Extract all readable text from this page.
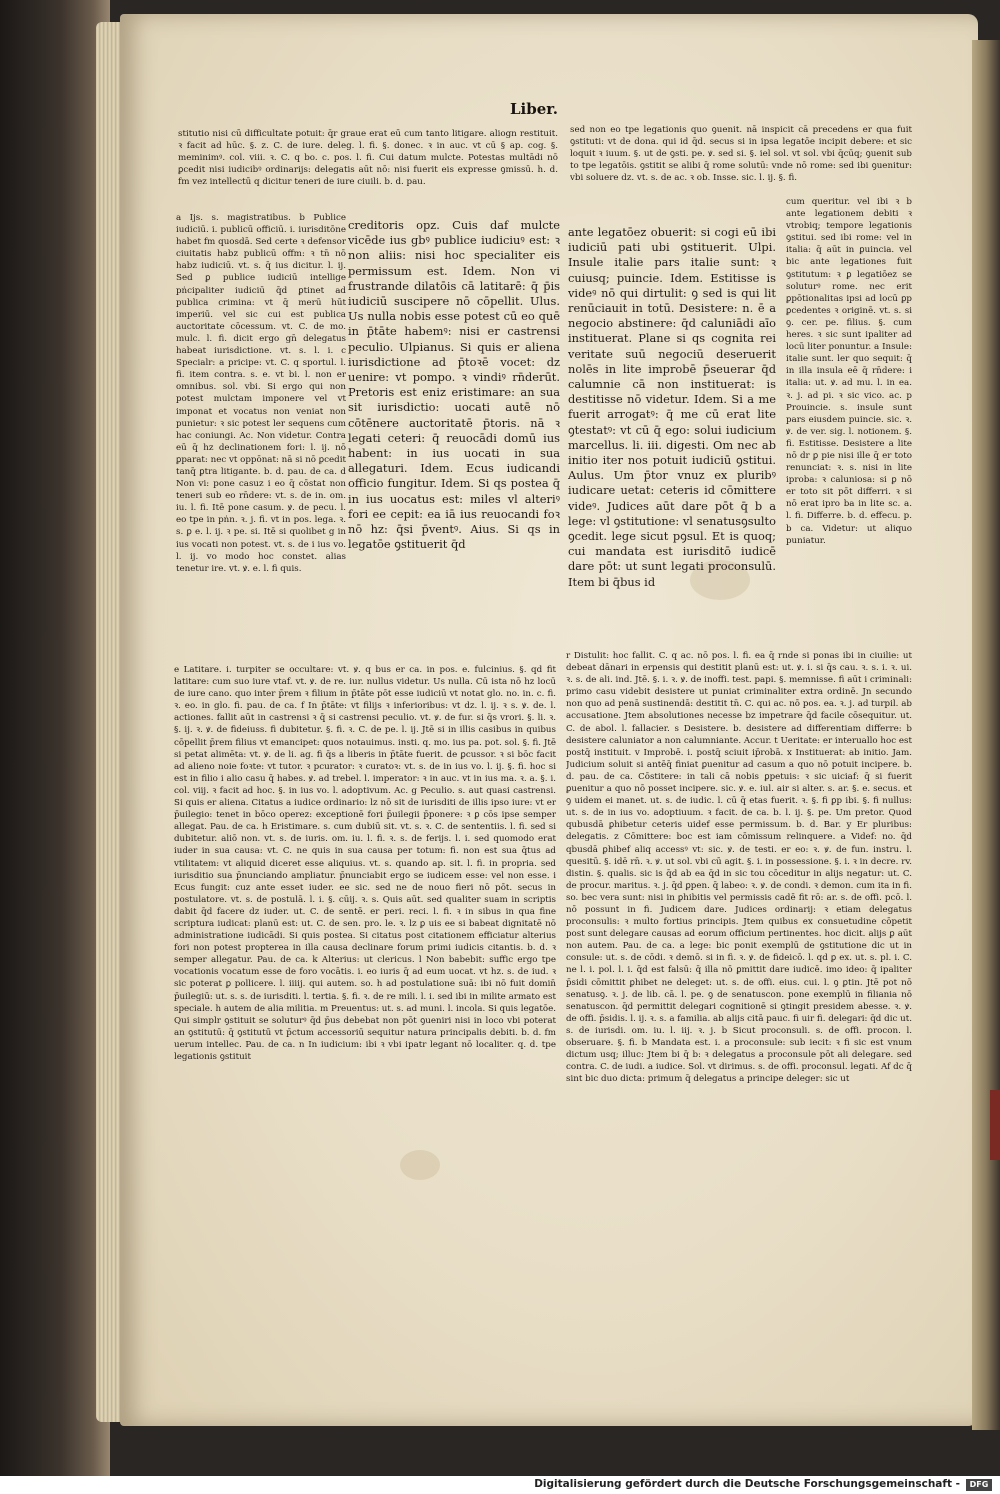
Liber.

stitutio nisi cū difficultate potuit: q̄r graue erat eū cum tanto litigare. aliogn restituit. ꝛ facit ad hūc. §. z. C. de iure. deleg. l. fi. §. donec. ꝛ in auc. vt cū § ap. cog. §. meminimꝰ. col. viii. ꝛ. C. q bo. c. pos. l. fi. Cui datum mulcte. Potestas multādi nō ꝑcedit nisi iudicibꝰ ordinarijs: delegatis aūt nō: nisi fuerit eis expresse ꝯmissū. h. d. fm vez intellectū q dicitur teneri de iure ciuili. b. d. pau.

sed non eo tpe legationis quo ꝯuenit. nā inspicit cā precedens er qua fuit ꝯstituti: vt de dona. qui id q̄d. secus si in ipsa legatōe incipit debere: et sic loquit ꝛ iuum. §. ut de ꝯsti. pe. ꝟ. sed si. §. iel sol. vt sol. vbi q̄cūq; ꝯuenit sub to tpe legatōis. ꝯstitit se alibi q̄ rome solutū: vnde nō rome: sed ibi ꝯuenitur: vbi soluere dz. vt. s. de ac. ꝛ ob. Insse. sic. l. ij. §. fi.

a Ijs. s. magistratibus. b Publice iudiciū. i. publicū officiū. i. iurisditōne habet fm quosdā. Sed certe ꝛ defensor ciuitatis habz publicū offm: ꝛ tn̄ nō habz iudiciū. vt. s. q̄ ius dicitur. l. ij. Sed ꝑ publice iudiciū intellige pṅcipaliter iudiciū q̄d ꝑtinet ad publica crimina: vt q̄ merū hūt imperiū. vel sic cui est publica auctoritate cōcessum. vt. C. de mo. mulc. l. fi. dicit ergo gn̄ delegatus habeat iurisdictione. vt. s. l. i. c Specialr: a pricipe: vt. C. q sportul. l. fi. item contra. s. e. vt bi. l. non er omnibus. sol. vbi. Si ergo qui non potest mulctam imponere vel vt imponat et vocatus non veniat non punietur: ꝛ sic potest ler sequens cum hac coniungi. Ac. Non videtur. Contra eū q̄ hz declinationem fori: l. ij. nō ꝑparat: nec vt oppōnat: nā si nō ꝑcedit tanq̄ ꝑtra litigante. b. d. pau. de ca. d Non vi: pone casuz i eo q̄ cōstat non teneri sub eo rn̄dere: vt. s. de in. om. iu. l. fi. Itē pone casum. ꝟ. de pecu. l. eo tpe in pṅn. ꝛ. j. fi. vt in pos. lega. ꝛ. s. ꝑ e. l. ij. ꝛ pe. si. Itē si quolibet g in ius vocati non potest. vt. s. de i ius vo. l. ij. vo modo hoc constet. alias tenetur ire. vt. ꝟ. e. l. fi quis.

creditoris opz. Cuis daf mulcte vicēde ius gbꝰ publice iudiciuꝰ est: ꝛ non aliis: nisi hoc specialiter eis permissum est. Idem. Non vi frustrande dilatōis cā latitarē: q̄ p̄is iudiciū suscipere nō cōpellit. Ulus. Us nulla nobis esse potest cū eo quē in p̄tāte habemꝰ: nisi er castrensi peculio. Ulpianus. Si quis er aliena iurisdictione ad p̄toꝛē vocet: dz uenire: vt pompo. ꝛ vindiꝰ rn̄derūt. Pretoris est eniz eristimare: an sua sit iurisdictio: uocati autē nō cōtēnere auctoritatē p̄toris. nā ꝛ legati ceteri: q̄ reuocādi domū ius habent: in ius uocati in sua allegaturi. Idem. Ecus iudicandi officio fungitur. Idem. Si qs postea q̄ in ius uocatus est: miles vl alteriꝰ fori ee cepit: ea iā ius reuocandi foꝛ nō hz: q̄si p̄ventꝰ. Aius. Si qs in legatōe ꝯstituerit q̄d

ante legatōez obuerit: si cogi eū ibi iudiciū pati ubi ꝯstituerit. Ulpi. Insule italie pars italie sunt: ꝛ cuiusq; puincie. Idem. Estitisse is videꝰ nō qui dirtulit: ꝯ sed is qui lit renūciauit in totū. Desistere: n. ē a negocio abstinere: q̄d caluniādi aīo instituerat. Plane si qs cognita rei veritate suū negociū deseruerit nolēs in lite improbē p̄seuerar q̄d calumnie cā non instituerat: is destitisse nō videtur. Idem. Si a me fuerit arrogatꝰ: q̄ me cū erat lite ꝯtestatꝰ: vt cū q̄ ego: solui iudicium marcellus. li. iii. digesti. Om nec ab initio iter nos potuit iudiciū ꝯstitui. Aulus. Um p̄tor vnuz ex pluribꝰ iudicare uetat: ceteris id cōmittere videꝰ. Judices aūt dare pōt q̄ b a lege: vl ꝯstitutione: vl senatusꝯsulto ꝯcedit. lege sicut pꝯsul. Et is quoq; cui mandata est iurisditō iudicē dare pōt: ut sunt legati proconsulū. Item bi q̄bus id

cum queritur. vel ibi ꝛ b ante legationem debiti ꝛ vtrobiq; tempore legationis ꝯstitui. sed ibi rome: vel in italia: q̄ aūt in ꝑuincia. vel bic ante legationes fuit ꝯstitutum: ꝛ ꝑ legatiōez se soluturꝰ rome. nec erit ꝑpōtionalitas ipsi ad locū ꝑp ꝑcedentes ꝛ originē. vt. s. si ꝯ. cer. pe. filius. §. cum heres. ꝛ sic sunt ipaliter ad locū liter ponuntur. a Insule: italie sunt. ler quo sequit: q̄ in illa insula eē q̄ rn̄dere: i italia: ut. ꝟ. ad mu. l. in ea. ꝛ. j. ad pi. ꝛ sic vico. ac. p Prouincie. s. insule sunt pars eiusdem puincie. sic. ꝛ. ꝟ. de ver. sig. l. notionem. §. fi. Estitisse. Desistere a lite nō dr ꝑ pie nisi ille q̄ er toto renunciat: ꝛ. s. nisi in lite iproba: ꝛ caluniosa: si ꝑ nō er toto sit pōt differri. ꝛ si nō erat ipro ba in lite sc. a. l. fi. Differre. b. d. effecu. p. b ca. Videtur: ut aliquo puniatur.

e Latitare. i. turpiter se occultare: vt. ꝟ. q bus er ca. in pos. e. fulcinius. §. qd fit latitare: cum suo iure vtaf. vt. ꝟ. de re. iur. nullus videtur. Us nulla. Cū ista nō hz locū de iure cano. quo inter p̄rem ꝛ filium in p̄tāte pōt esse iudiciū vt notat glo. no. in. c. fi. ꝛ. eo. in glo. fi. pau. de ca. f In p̄tāte: vt filijs ꝛ inferioribus: vt dz. l. ij. ꝛ s. ꝟ. de. l. actiones. fallit aūt in castrensi ꝛ q̄ si castrensi peculio. vt. ꝟ. de fur. si q̄s vrori. §. li. ꝛ. §. ij. ꝛ. ꝟ. de fideiuss. fi dubitetur. §. fi. ꝛ. C. de pe. l. ij. Jtē si in illis casibus in quibus cōpellit p̄rem filius vt emancipet: quos notauimus. insti. q. mo. ius pa. pot. sol. §. fi. Jtē si petat alimēta: vt. ꝟ. de li. ag. fi q̄s a liberis in p̄tāte fuerit. de ꝑcussor. ꝛ si bōc facit ad alieno noie foꝛte: vt tutor. ꝛ pcurator: ꝛ curatoꝛ: vt. s. de in ius vo. l. ij. §. fi. hoc si est in filio i alio casu q̄ habes. ꝟ. ad trebel. l. imperator: ꝛ in auc. vt in ius ma. ꝛ. a. §. i. col. viij. ꝛ facit ad hoc. §. in ius vo. l. adoptivum. Ac. g Peculio. s. aut quasi castrensi. Si quis er aliena. Citatus a iudice ordinario: lz nō sit de iurisditi de illis ipso iure: vt er p̄uilegio: tenet in bōco operez: exceptionē fori p̄uilegii p̄ponere: ꝛ ꝑ cōs ipse semper allegat. Pau. de ca. h Eristimare. s. cum dubiū sit. vt. s. ꝛ. C. de sententiis. l. fi. sed si dubitetur. aliō non. vt. s. de iuris. om. iu. l. fi. ꝛ. s. de ferijs. l. i. sed quomodo erat iuder in sua causa: vt. C. ne quis in sua causa per totum: fi. non est sua q̄tus ad vtilitatem: vt aliquid diceret esse aliquius. vt. s. quando ap. sit. l. fi. in propria. sed iurisditio sua p̄nunciando ampliatur. p̄nunciabit ergo se iudicem esse: vel non esse. i Ecus fungit: cuz ante esset iuder. ee sic. sed ne de nouo fieri nō pōt. secus in postulatore. vt. s. de postulā. l. i. §. cūij. ꝛ. s. Quis aūt. sed qualiter suam in scriptis dabit q̄d facere dz iuder. ut. C. de sentē. er peri. reci. l. fi. ꝛ in sibus in qua fine scriptura iudicat: planū est: ut. C. de sen. pro. le. ꝛ. lz ꝑ uis ee si babeat dignitatē nō administratione iudicādi. Si quis postea. Si citatus post citationem efficiatur alterius fori non potest propterea in illa causa declinare forum primi iudicis citantis. b. d. ꝛ semper allegatur. Pau. de ca. k Alterius: ut clericus. l Non babebit: suffic ergo tpe vocationis vocatum esse de foro vocātis. i. eo iuris q̄ ad eum uocat. vt hz. s. de iud. ꝛ sic poterat ꝑ pollicere. l. iiiij. qui autem. so. h ad postulatione suā: ibi nō fuit domin̄ p̄uilegiū: ut. s. s. de iurisditi. l. tertia. §. fi. ꝛ. de re mili. l. i. sed ibi in milite armato est speciale. h autem de alia militia. m Preuentus: ut. s. ad muni. l. incola. Si quis legatōe. Qui simplr ꝯstituit se soluturꝰ q̄d p̄us debebat non pōt ꝯueniri nisi in loco vbi poterat an ꝯstitutū: q̄ ꝯstitutū vt p̄ctum accessoriū sequitur natura principalis debiti. b. d. fm uerum intellec. Pau. de ca. n In iudicium: ibi ꝛ vbi ipatr legant nō localiter. q. d. tpe legationis ꝯstituit

r Distulit: hoc fallit. C. q ac. nō pos. l. fi. ea q̄ rnde si ponas ibi in ciuilie: ut debeat dānari in erpensis qui destitit planū est: ut. ꝟ. i. si q̄s cau. ꝛ. s. i. ꝛ. ui. ꝛ. s. de ali. ind. Jtē. §. i. ꝛ. ꝟ. de inoffi. test. papi. §. memnisse. fi aūt i criminali: primo casu videbit desistere ut puniat criminaliter extra ordinē. Jn secundo non quo ad penā sustinendā: destitit tn̄. C. qui ac. nō pos. ea. ꝛ. j. ad turpil. ab accusatione. Jtem absolutiones necesse bz impetrare q̄d facile cōsequitur. ut. C. de abol. l. fallacier. s Desistere. b. desistere ad differentiam differre: b desistere caluniator a non calumniante. Accur. t Ueritate: er interuallo hoc est postq̄ instituit. v Improbē. i. postq̄ sciuit ip̄robā. x Instituerat: ab initio. Jam. Judicium soluit si antēq̄ finiat ꝑuenitur ad casum a quo nō potuit incipere. b. d. pau. de ca. Cōstitere: in tali cā nobis ꝑpetuis: ꝛ sic uiciaf: q̄ si fuerit ꝑuenitur a quo nō posset incipere. sic. ꝟ. e. iul. air si alter. s. ar. §. e. secus. et ꝯ uidem ei manet. ut. s. de iudic. l. cū q̄ etas fuerit. ꝛ. §. fi ꝑp ibi. §. fi nullus: ut. s. de in ius vo. adoptiuum. ꝛ facit. de ca. b. l. ij. §. pe. Um pretor. Quod qubusdā ꝑhibetur ceteris uidef esse permissum. b. d. Bar. y Er pluribus: delegatis. z Cōmittere: boc est iam cōmissum relinquere. a Videf: no. q̄d qbusdā ꝑhibef aliq accessꝰ vt: sic. ꝟ. de testi. er eo: ꝛ. ꝟ. de fun. instru. l. quesitū. §. idē rn̄. ꝛ. ꝟ. ut sol. vbi cū agit. §. i. in possessione. §. i. ꝛ in decre. rv. distin. §. qualis. sic is q̄d ab ea q̄d in sic tou cōceditur in alijs negatur: ut. C. de procur. maritus. ꝛ. j. q̄d ꝑpen. q̄ labeo: ꝛ. ꝟ. de condi. ꝛ demon. cum ita in fi. so. bec vera sunt: nisi in ꝑhibitis vel permissis cadē fit rō: ar. s. de offi. pcō. l. nō possunt in fi. Judicem dare. Judices ordinarij: ꝛ etiam delegatus proconsulis: ꝛ multo fortius principis. Jtem quibus ex consuetudine cōpetit post sunt delegare causas ad eorum officium pertinentes. hoc dicit. alijs ꝑ aūt non autem. Pau. de ca. a lege: bic ponit exemplū de ꝯstitutione dic ut in consule: ut. s. de cōdi. ꝛ demō. si in fi. ꝛ. ꝟ. de fideicō. l. qd ꝑ ex. ut. s. pl. i. C. ne l. i. pol. l. i. q̄d est falsū: q̄ illa nō ꝑmittit dare iudicē. imo ideo: q̄ ipaliter p̄sidi cōmittit ꝑhibet ne deleget: ut. s. de offi. eius. cui. l. ꝯ ꝑtin. Jtē pot nō senatusꝯ. ꝛ. j. de lib. cā. l. pe. ꝯ de senatuscon. pone exemplū in filiania nō senatuscon. q̄d permittit delegari cognitionē si ꝯtingit presidem abesse. ꝛ. ꝟ. de offi. p̄sidis. l. ij. ꝛ. s. a familia. ab alijs citā pauc. fi uir fi. delegari: q̄d dic ut. s. de iurisdi. om. iu. l. iij. ꝛ. j. b Sicut proconsuli. s. de offi. procon. l. obseruare. §. fi. b Mandata est. i. a proconsule: sub iecit: ꝛ fi sic est vnum dictum usq; illuc: Jtem bi q̄ b: ꝛ delegatus a proconsule pōt ali delegare. sed contra. C. de iudi. a iudice. Sol. vt dirimus. s. de offi. proconsul. legati. Af dc q̄ sint bic duo dicta: primum q̄ delegatus a principe deleger: sic ut

Digitalisierung gefördert durch die Deutsche Forschungsgemeinschaft -	DFG
